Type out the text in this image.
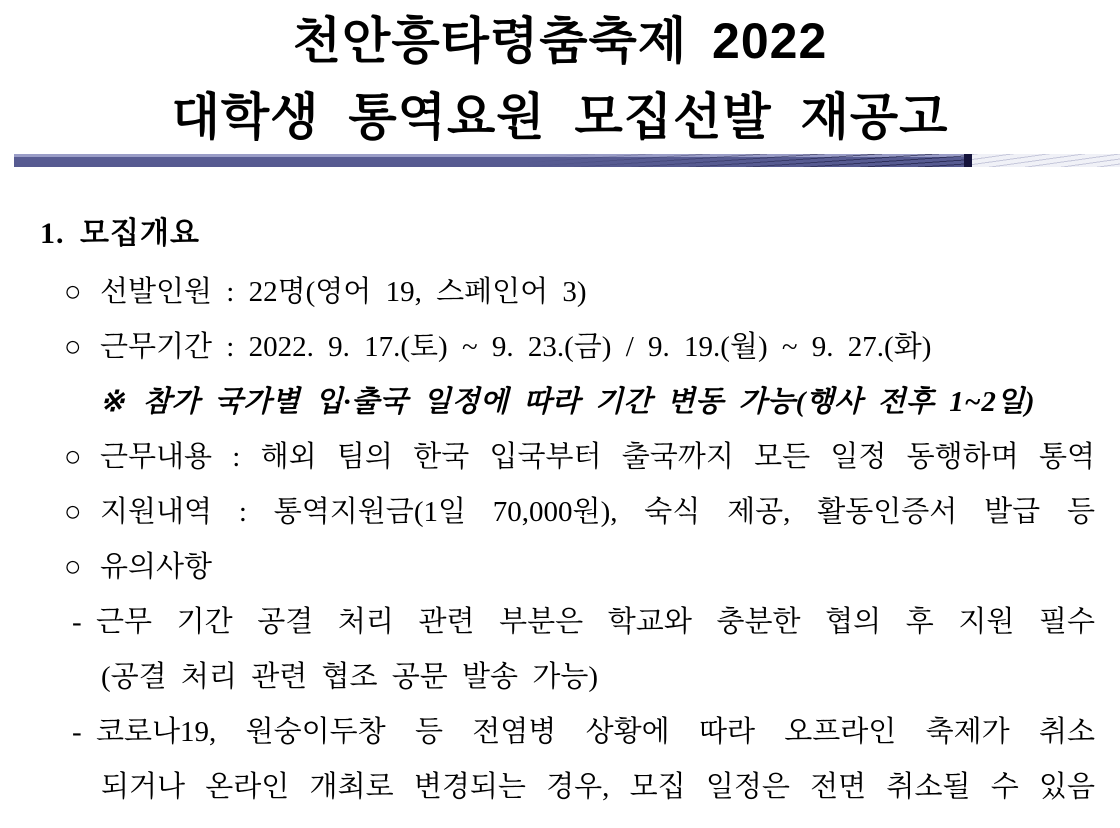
천안흥타령춤축제 2022
대학생 통역요원 모집선발 재공고
1. 모집개요
○ 선발인원 : 22명(영어 19, 스페인어 3)
○ 근무기간 : 2022. 9. 17.(토) ~ 9. 23.(금) / 9. 19.(월) ~ 9. 27.(화)
※ 참가 국가별 입·출국 일정에 따라 기간 변동 가능(행사 전후 1~2일)
○ 근무내용 : 해외 팀의 한국 입국부터 출국까지 모든 일정 동행하며 통역
○ 지원내역 : 통역지원금(1일 70,000원), 숙식 제공, 활동인증서 발급 등
○ 유의사항
- 근무 기간 공결 처리 관련 부분은 학교와 충분한 협의 후 지원 필수
(공결 처리 관련 협조 공문 발송 가능)
- 코로나19, 원숭이두창 등 전염병 상황에 따라 오프라인 축제가 취소
되거나 온라인 개최로 변경되는 경우, 모집 일정은 전면 취소될 수 있음
